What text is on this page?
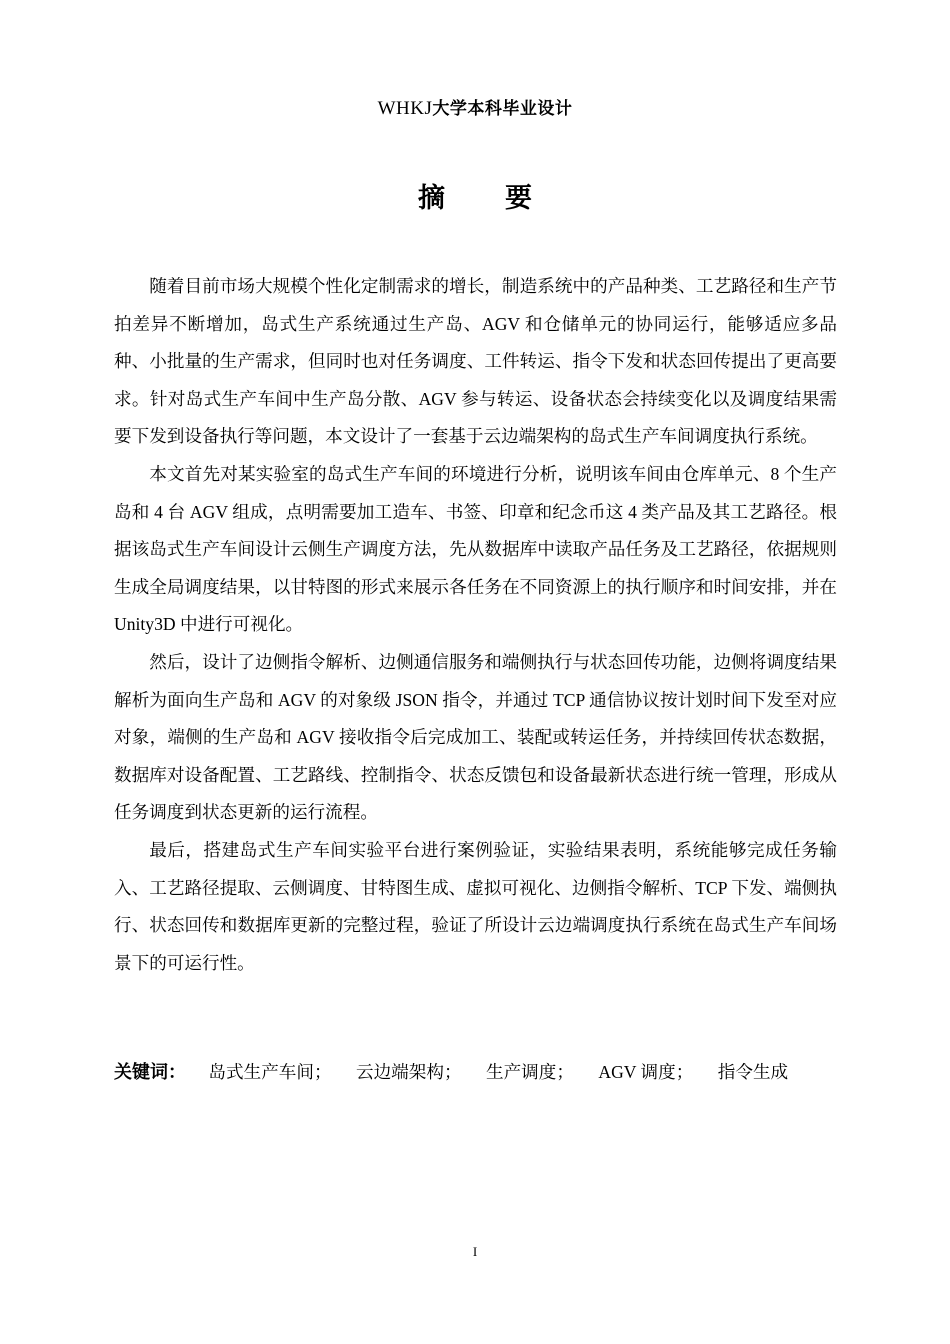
WHKJ大学本科毕业设计
摘要

随着目前市场大规模个性化定制需求的增长，制造系统中的产品种类、工艺路径和生产节拍差异不断增加，岛式生产系统通过生产岛、AGV 和仓储单元的协同运行，能够适应多品种、小批量的生产需求，但同时也对任务调度、工件转运、指令下发和状态回传提出了更高要求。针对岛式生产车间中生产岛分散、AGV 参与转运、设备状态会持续变化以及调度结果需要下发到设备执行等问题，本文设计了一套基于云边端架构的岛式生产车间调度执行系统。

本文首先对某实验室的岛式生产车间的环境进行分析，说明该车间由仓库单元、8 个生产岛和 4 台 AGV 组成，点明需要加工造车、书签、印章和纪念币这 4 类产品及其工艺路径。根据该岛式生产车间设计云侧生产调度方法，先从数据库中读取产品任务及工艺路径，依据规则生成全局调度结果，以甘特图的形式来展示各任务在不同资源上的执行顺序和时间安排，并在 Unity3D 中进行可视化。

然后，设计了边侧指令解析、边侧通信服务和端侧执行与状态回传功能，边侧将调度结果解析为面向生产岛和 AGV 的对象级 JSON 指令，并通过 TCP 通信协议按计划时间下发至对应对象，端侧的生产岛和 AGV 接收指令后完成加工、装配或转运任务，并持续回传状态数据，数据库对设备配置、工艺路线、控制指令、状态反馈包和设备最新状态进行统一管理，形成从任务调度到状态更新的运行流程。

最后，搭建岛式生产车间实验平台进行案例验证，实验结果表明，系统能够完成任务输入、工艺路径提取、云侧调度、甘特图生成、虚拟可视化、边侧指令解析、TCP 下发、端侧执行、状态回传和数据库更新的完整过程，验证了所设计云边端调度执行系统在岛式生产车间场景下的可运行性。

关键词： 岛式生产车间； 云边端架构； 生产调度； AGV 调度； 指令生成
I
